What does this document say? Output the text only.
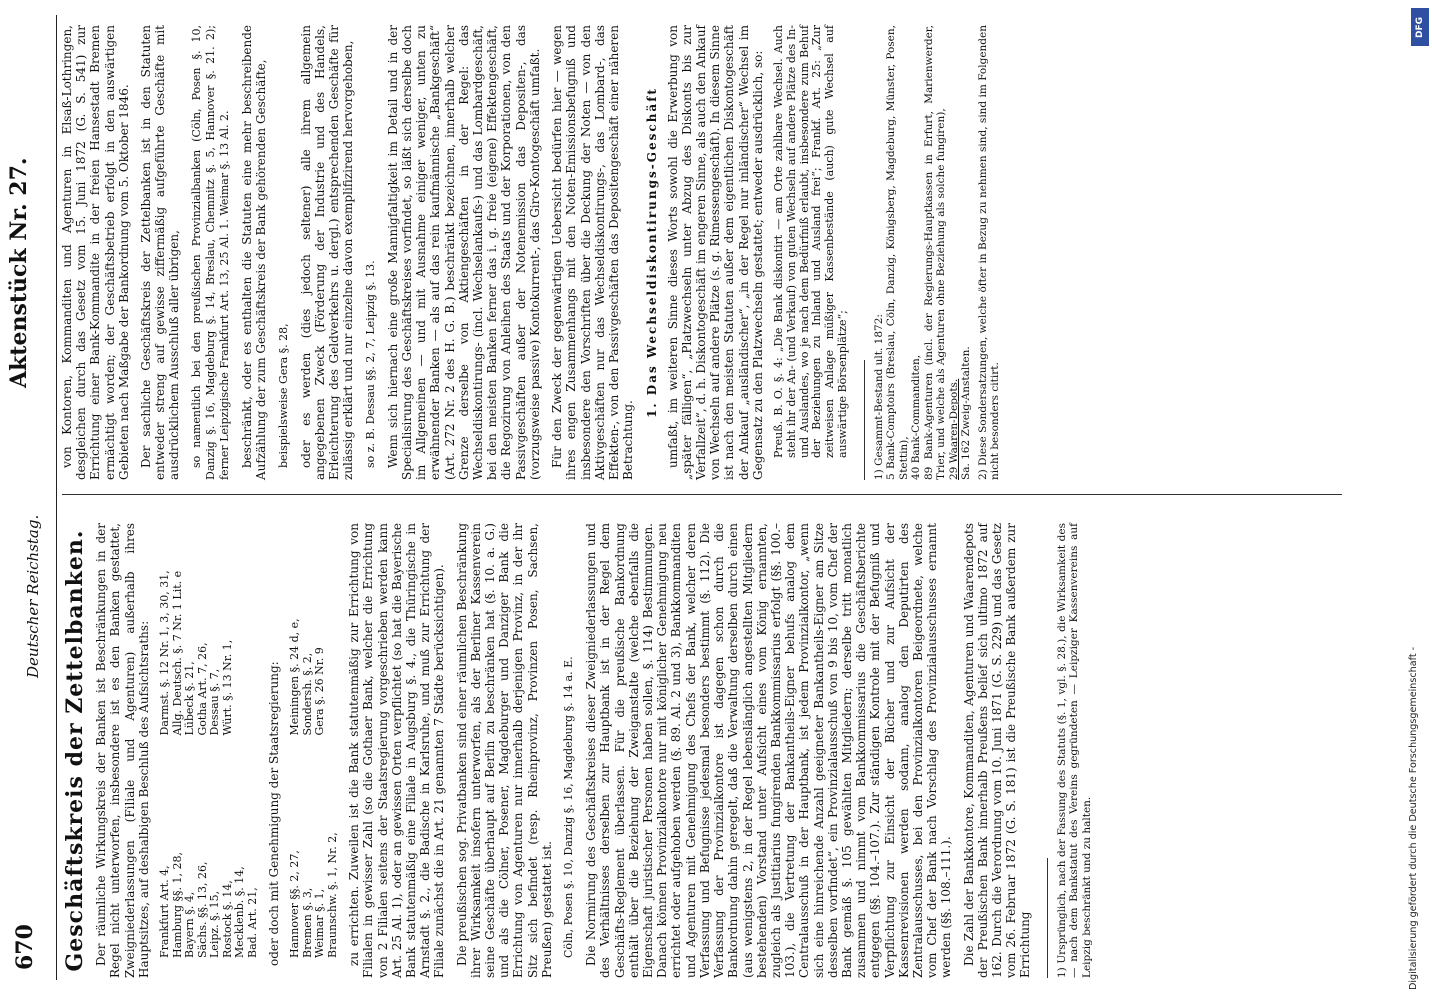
670
Deutscher Reichstag.
Aktenstück Nr. 27.
Geschäftskreis der Zettelbanken. Der räumliche Wirkungskreis der Banken ist Beschränkungen in der Regel nicht unterworfen, insbesondere ist es den Banken gestattet, Zweigniederlassungen (Filiale und Agenturen) außerhalb ihres Hauptsitzes, auf deshalbigen Beschluß des Aufsichtsraths: Frankfurt Art. 4,
Darmst. §. 12 Nr. 1, 3, 30, 31,
Hamburg §§. 1, 28,
Allg. Deutsch. §. 7 Nr. 1 Lit. e
Bayern §. 4,
Lübeck §. 21,
Sächs. §§. 13, 26,
Gotha Art. 7, 26,
Leipz. §. 15,
Dessau §. 7,
Rostock §. 14,
Würt. §. 13 Nr. 1,
Mecklenb. §. 14, Bad. Art. 21, oder doch mit Genehmigung der Staatsregierung: Hannover §§. 2, 27,
Meiningen §. 24 d, e,
Bremen §. 3,
Sondersh. §. 2,
Weimar §. 1,
Gera §. 26 Nr. 9
Braunschw. §. 1, Nr. 2, zu errichten. Zuweilen ist die Bank statutenmäßig zur Errichtung von Filialen in gewisser Zahl (so die Gothaer Bank, welcher die Errichtung von 2 Filialen seitens der Staatsregierung vorgeschrieben werden kann Art. 25 Al. 1), oder an gewissen Orten verpflichtet (so hat die Bayerische Bank statutenmäßig eine Filiale in Augsburg §. 4., die Thüringische in Arnstadt §. 2., die Badische in Karlsruhe, und muß zur Errichtung der Filiale zunächst die in Art. 21 genannten 7 Städte berücksichtigen). Die preußischen sog. Privatbanken sind einer räumlichen Beschränkung ihrer Wirksamkeit insofern unterworfen, als der Berliner Kassenverein seine Geschäfte überhaupt auf Berlin zu beschränken hat (§. 10. a. G.) und als die Cölner, Posener, Magdeburger und Danziger Bank die Errichtung von Agenturen nur innerhalb derjenigen Provinz, in der ihr Sitz sich befindet (resp. Rheinprovinz, Provinzen Posen, Sachsen, Preußen) gestattet ist. Cöln, Posen §. 10, Danzig §. 16, Magdeburg §. 14 a. E. Die Normirung des Geschäftskreises dieser Zweigniederlassungen und des Verhältnisses derselben zur Hauptbank ist in der Regel dem Geschäfts-Reglement überlassen. Für die preußische Bankordnung enthält über die Beziehung der Zweiganstalte (welche ebenfalls die Eigenschaft juristischer Personen haben sollen, §. 114) Bestimmungen. Danach können Provinzialkontore nur mit königlicher Genehmigung neu errichtet oder aufgehoben werden (§. 89. Al. 2 und 3), Bankkommanditen und Agenturen mit Genehmigung des Chefs der Bank, welcher deren Verfassung und Befugnisse jedesmal besonders bestimmt (§. 112). Die Verfassung der Provinzialkontore ist dagegen schon durch die Bankordnung dahin geregelt, daß die Verwaltung derselben durch einen (aus wenigstens 2, in der Regel lebenslänglich angestellten Mitgliedern bestehenden) Vorstand unter Aufsicht eines vom König ernannten, zugleich als Justitiarius fungirenden Bankkommissarius erfolgt (§§. 100.–103.), die Vertretung der Bankantheils-Eigner behufs analog dem Centralausschuß in der Hauptbank, ist jedem Provinzialkontor, „wenn sich eine hinreichende Anzahl geeigneter Bankantheils-Eigner am Sitze desselben vorfindet“, ein Provinzialausschuß von 9 bis 10, vom Chef der Bank gemäß §. 105 gewählten Mitgliedern; derselbe tritt monatlich zusammen und nimmt vom Bankkommissarius die Geschäftsberichte entgegen (§§. 104.–107.). Zur ständigen Kontrole mit der Befugniß und Verpflichtung zur Einsicht der Bücher und zur Aufsicht der Kassenrevisionen werden sodann, analog den Deputirten des Zentralausschusses, bei den Provinzialkontoren Beigeordnete, welche vom Chef der Bank nach Vorschlag des Provinzialausschusses ernannt werden (§§. 108.–111.). Die Zahl der Bankkontore, Kommanditen, Agenturen und Waarendepots der Preußischen Bank innerhalb Preußens belief sich ultimo 1872 auf 162. Durch die Verordnung vom 10. Juni 1871 (G. S. 229) und das Gesetz vom 26. Februar 1872 (G. S. 181) ist die Preußische Bank außerdem zur Errichtung 1) Ursprünglich, nach der Fassung des Statuts (§. 1, vgl. §. 28.), die Wirksamkeit des — nach dem Bankstatut des Vereins gegründeten — Leipziger Kassenvereins auf Leipzig beschränkt und zu halten.

von Kontoren, Kommanditen und Agenturen in Elsaß-Lothringen, desgleichen durch das Gesetz vom 15. Juni 1872 (G. S. 541) zur Errichtung einer Bank-Kommandite in der freien Hansestadt Bremen ermächtigt worden; der Geschäftsbetrieb erfolgt in den auswärtigen Gebieten nach Maßgabe der Bankordnung vom 5. Oktober 1846. Der sachliche Geschäftskreis der Zettelbanken ist in den Statuten entweder streng auf gewisse ziffermäßig aufgeführte Geschäfte mit ausdrücklichem Ausschluß aller übrigen, so namentlich bei den preußischen Provinzialbanken (Cöln, Posen §. 10, Danzig §. 16, Magdeburg §. 14, Breslau, Chemnitz §. 5, Hannover §. 21. 2); ferner Leipzigische Frankfurt Art. 13, 25 Al. 1. Weimar §. 13 Al. 2. beschränkt, oder es enthalten die Statuten eine mehr beschreibende Aufzählung der zum Geschäftskreis der Bank gehörenden Geschäfte, beispielsweise Gera §. 28, oder es werden (dies jedoch seltener) alle ihrem allgemein angegebenen Zweck (Förderung der Industrie und des Handels, Erleichterung des Geldverkehrs u. dergl.) entsprechenden Geschäfte für zulässig erklärt und nur einzelne davon exemplifizirend hervorgehoben, so z. B. Dessau §§. 2, 7, Leipzig §. 13. Wenn sich hiernach eine große Mannigfaltigkeit im Detail und in der Specialisirung des Geschäftskreises vorfindet, so läßt sich derselbe doch im Allgemeinen — und mit Ausnahme einiger weniger, unten zu erwähnender Banken — als auf das rein kaufmännische „Bankgeschäft“ (Art. 272 Nr. 2 des H. G. B.) beschränkt bezeichnen, innerhalb welcher Grenze derselbe von Aktiengeschäften in der Regel: das Wechseldiskontirungs- (incl. Wechselankaufs-) und das Lombardgeschäft, bei den meisten Banken ferner das i. g. freie (eigene) Effektengeschäft, die Regozirung von Anleihen des Staats und der Korporationen, von den Passivgeschäften außer der Notenemission das Depositen-, das (vorzugsweise passive) Kontokurrent-, das Giro-Kontogeschäft umfaßt. Für den Zweck der gegenwärtigen Uebersicht bedürfen hier — wegen ihres engen Zusammenhangs mit den Noten-Emissionsbefugniß und insbesondere den Vorschriften über die Deckung der Noten — von den Aktivgeschäften nur das Wechseldiskontirungs-, das Lombard-, das Effekten-, von den Passivgeschäften das Depositengeschäft einer näheren Betrachtung.

1. Das Wechseldiskontirungs-Geschäft umfaßt, im weiteren Sinne dieses Worts sowohl die Erwerbung von „später fälligen“, „Platzwechseln unter Abzug des Diskonts bis zur Verfallzeit“, d. h. Diskontogeschäft im engeren Sinne, als auch den Ankauf von Wechseln auf andere Plätze (s. g. Rimessengeschäft). In diesem Sinne ist nach den meisten Statuten außer dem eigentlichen Diskontogeschäft der Ankauf „ausländischer“, „in der Regel nur inländischer“ Wechsel im Gegensatz zu den Platzwechseln gestattet; entweder ausdrücklich, so: Preuß. B. O. §. 4: „Die Bank diskontirt — am Orte zahlbare Wechsel. Auch steht ihr der An- (und Verkauf) von guten Wechseln auf andere Plätze des In- und Auslandes, wo je nach dem Bedürfniß erlaubt, insbesondere zum Behuf der Beziehungen zu Inland und Ausland frei“; Frankf. Art. 25: „Zur zeitweisen Anlage müßiger Kassenbestände (auch) gute Wechsel auf auswärtige Börsenplätze“; 1) Gesammt-Bestand ult. 1872: 5 Bank-Comptoirs (Breslau, Cöln, Danzig, Königsberg, Magdeburg, Münster, Posen, Stettin), 40 Bank-Commanditen, 89 Bank-Agenturen (incl. der Regierungs-Hauptkassen in Erfurt, Marienwerder, Trier, und welche als Agenturen ohne Beziehung als solche fungiren), 29 Waaren-Depots. Sa. 162 Zweig-Anstalten. 2) Diese Sondersatzungen, welche öfter in Bezug zu nehmen sind, sind im Folgenden nicht besonders citirt.
Digitalisierung gefördert durch die Deutsche Forschungsgemeinschaft -
DFG
